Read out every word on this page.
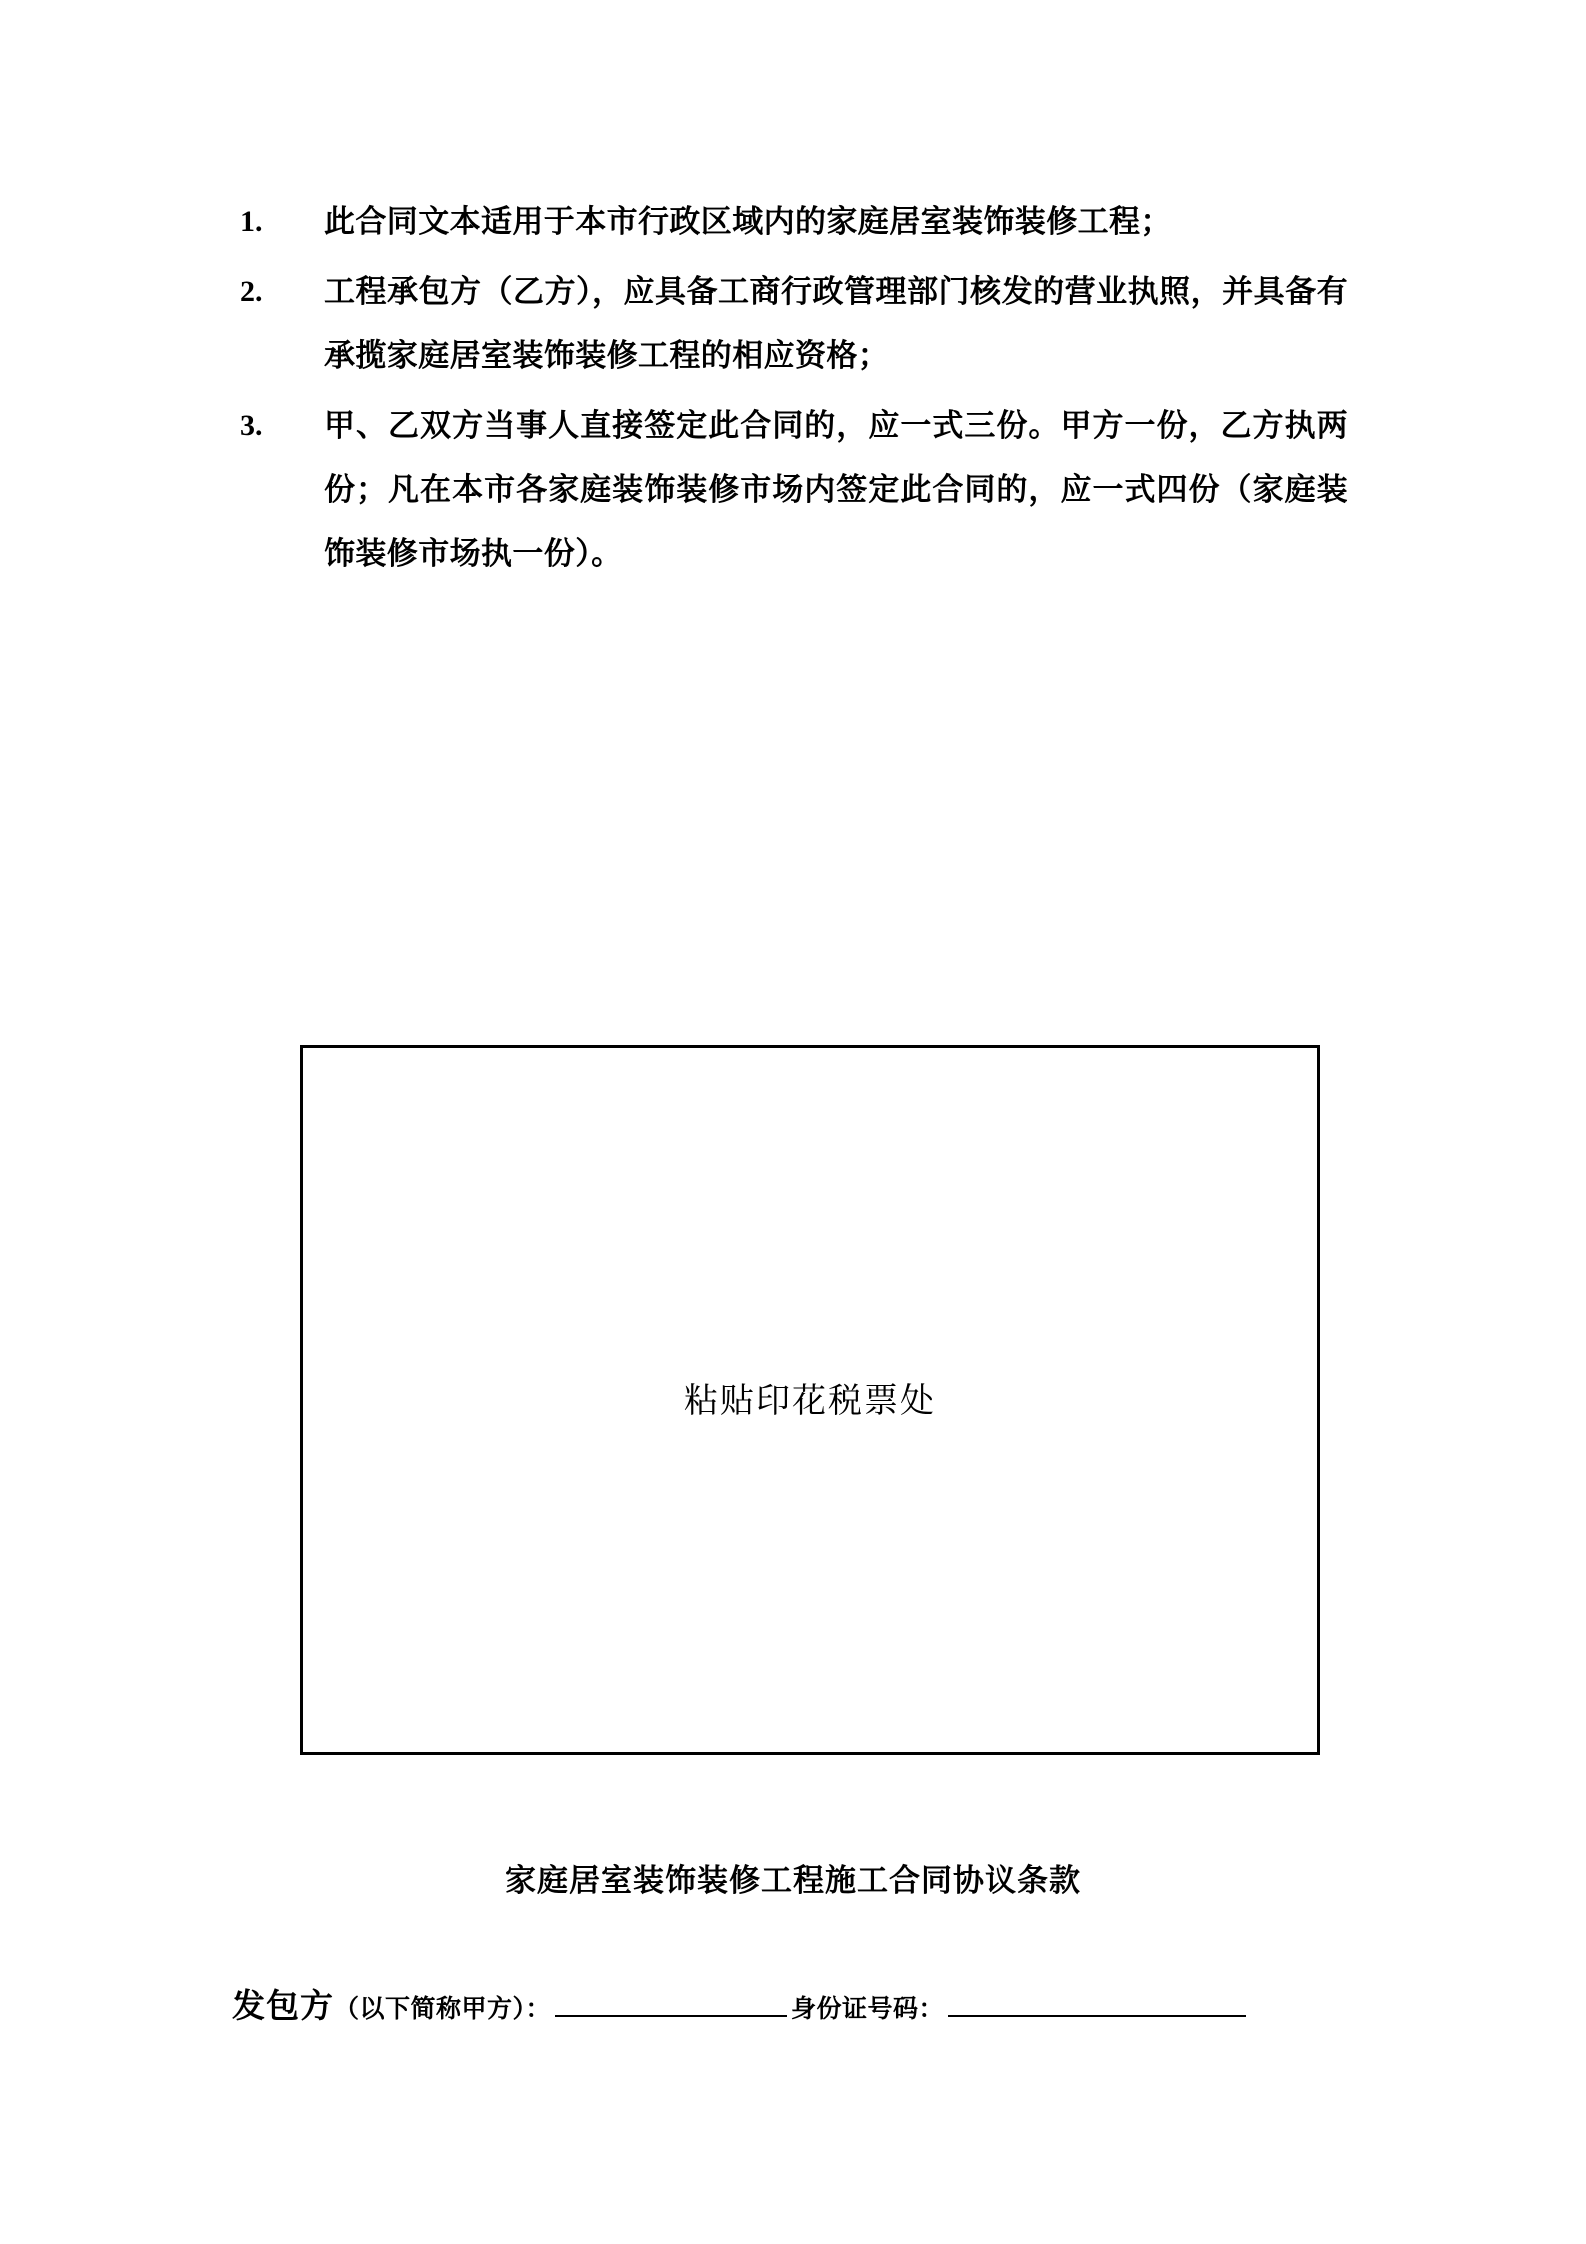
1.	此合同文本适用于本市行政区域内的家庭居室装饰装修工程；
2.	工程承包方（乙方），应具备工商行政管理部门核发的营业执照，并具备有承揽家庭居室装饰装修工程的相应资格；
3.	甲、乙双方当事人直接签定此合同的，应一式三份。甲方一份，乙方执两份；凡在本市各家庭装饰装修市场内签定此合同的，应一式四份（家庭装饰装修市场执一份）。
粘贴印花税票处
家庭居室装饰装修工程施工合同协议条款
发包方 （以下简称甲方）：	身份证号码：
